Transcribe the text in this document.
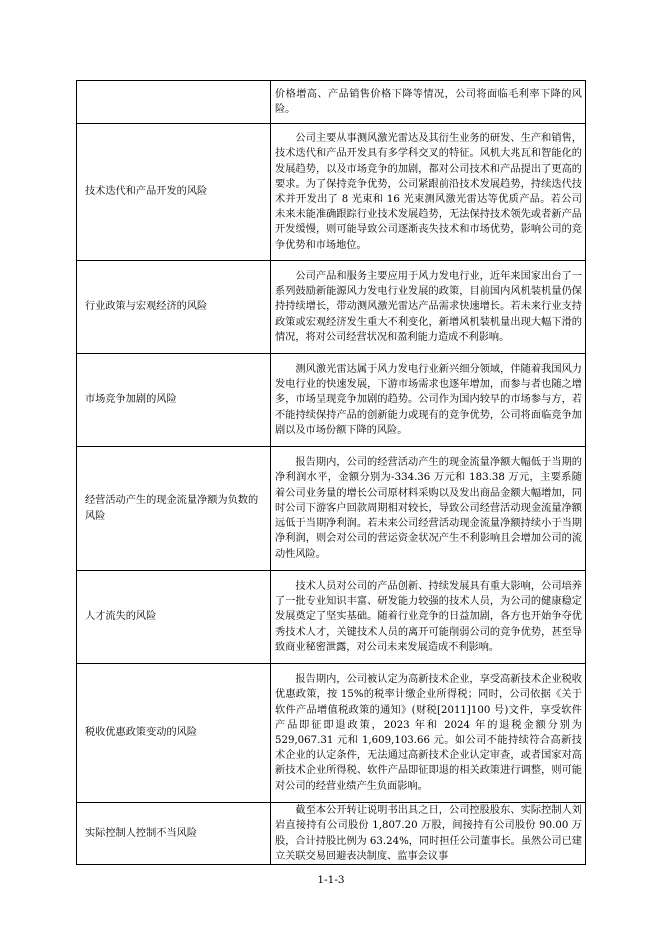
	价格增高、产品销售价格下降等情况，公司将面临毛利率下降的风险。
技术迭代和产品开发的风险	公司主要从事测风激光雷达及其衍生业务的研发、生产和销售，技术迭代和产品开发具有多学科交叉的特征。风机大兆瓦和智能化的发展趋势，以及市场竞争的加剧，都对公司技术和产品提出了更高的要求。为了保持竞争优势，公司紧跟前沿技术发展趋势，持续迭代技术并开发出了 8 光束和 16 光束测风激光雷达等优质产品。若公司未来未能准确跟踪行业技术发展趋势，无法保持技术领先或者新产品开发缓慢，则可能导致公司逐渐丧失技术和市场优势，影响公司的竞争优势和市场地位。
行业政策与宏观经济的风险	公司产品和服务主要应用于风力发电行业，近年来国家出台了一系列鼓励新能源风力发电行业发展的政策，目前国内风机装机量仍保持持续增长，带动测风激光雷达产品需求快速增长。若未来行业支持政策或宏观经济发生重大不利变化，新增风机装机量出现大幅下滑的情况，将对公司经营状况和盈利能力造成不利影响。
市场竞争加剧的风险	测风激光雷达属于风力发电行业新兴细分领域，伴随着我国风力发电行业的快速发展，下游市场需求也逐年增加，而参与者也随之增多，市场呈现竞争加剧的趋势。公司作为国内较早的市场参与方，若不能持续保持产品的创新能力或现有的竞争优势，公司将面临竞争加剧以及市场份额下降的风险。
经营活动产生的现金流量净额为负数的风险	报告期内，公司的经营活动产生的现金流量净额大幅低于当期的净利润水平，金额分别为-334.36 万元和 183.38 万元，主要系随着公司业务量的增长公司原材料采购以及发出商品金额大幅增加，同时公司下游客户回款周期相对较长，导致公司经营活动现金流量净额远低于当期净利润。若未来公司经营活动现金流量净额持续小于当期净利润，则会对公司的营运资金状况产生不利影响且会增加公司的流动性风险。
人才流失的风险	技术人员对公司的产品创新、持续发展具有重大影响，公司培养了一批专业知识丰富、研发能力较强的技术人员，为公司的健康稳定发展奠定了坚实基础。随着行业竞争的日益加剧，各方也开始争夺优秀技术人才，关键技术人员的离开可能削弱公司的竞争优势，甚至导致商业秘密泄露，对公司未来发展造成不利影响。
税收优惠政策变动的风险	报告期内，公司被认定为高新技术企业，享受高新技术企业税收优惠政策，按 15%的税率计缴企业所得税；同时，公司依据《关于软件产品增值税政策的通知》(财税[2011]100 号)文件，享受软件产品即征即退政策，2023 年和 2024 年的退税金额分别为 529,067.31 元和 1,609,103.66 元。如公司不能持续符合高新技术企业的认定条件，无法通过高新技术企业认定审查，或者国家对高新技术企业所得税、软件产品即征即退的相关政策进行调整，则可能对公司的经营业绩产生负面影响。
实际控制人控制不当风险	截至本公开转让说明书出具之日，公司控股股东、实际控制人刘岩直接持有公司股份 1,807.20 万股，间接持有公司股份 90.00 万股，合计持股比例为 63.24%，同时担任公司董事长。虽然公司已建立关联交易回避表决制度、监事会议事
1-1-3
